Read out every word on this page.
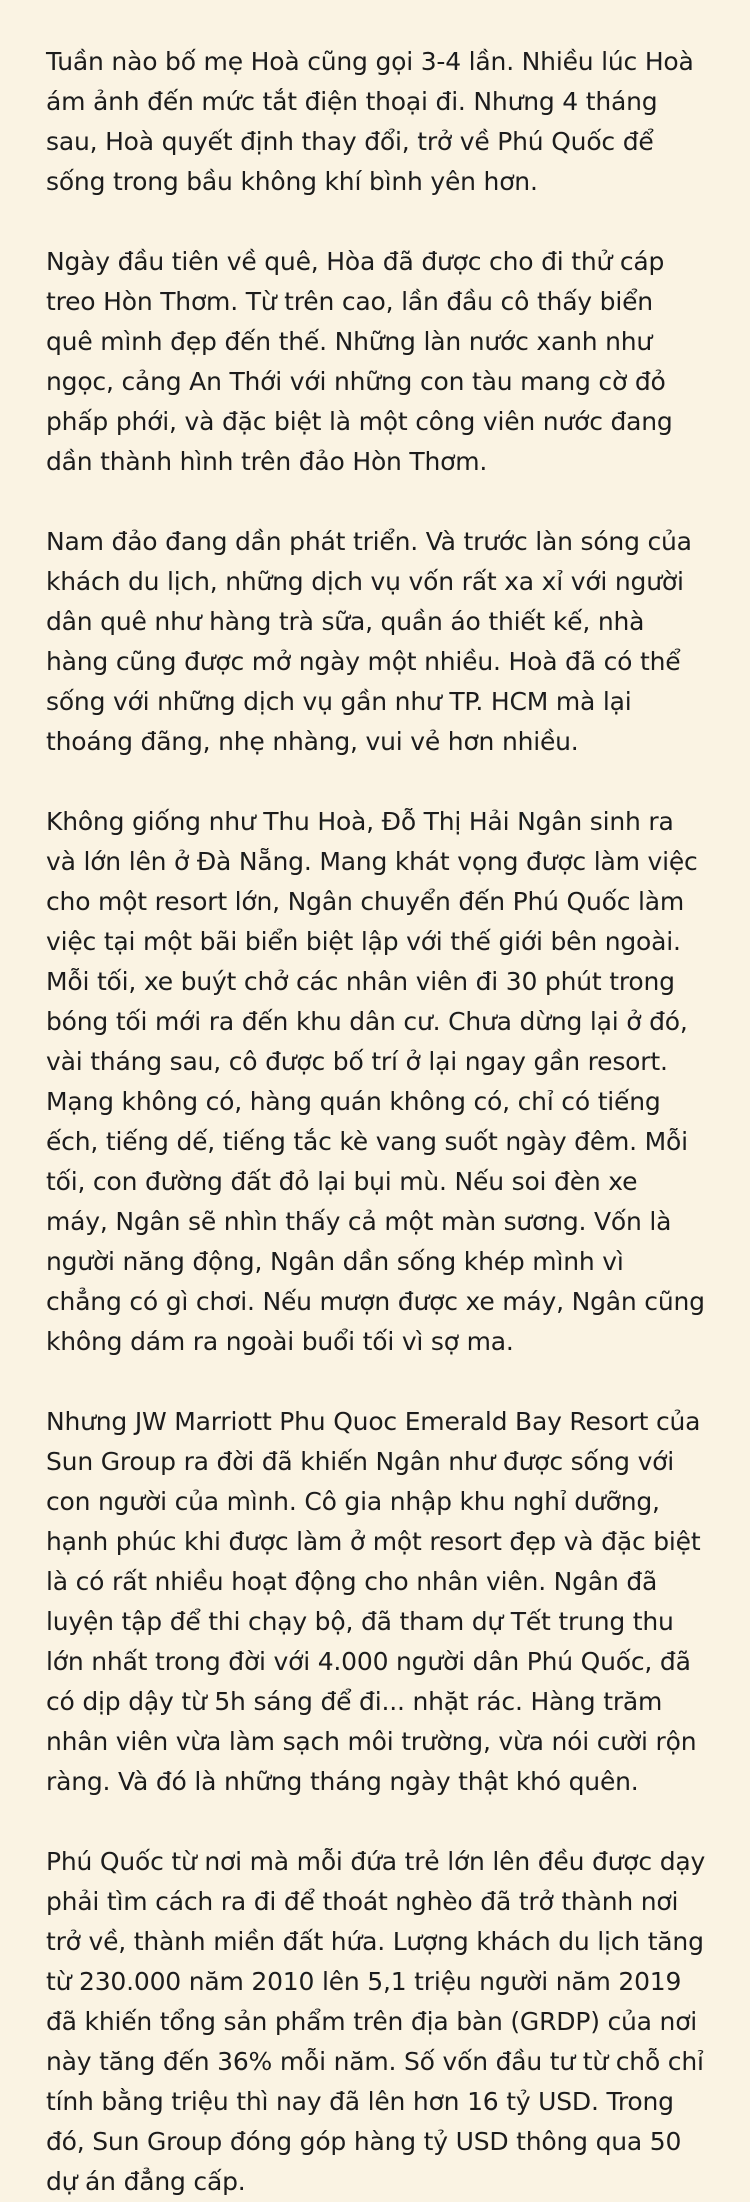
Tuần nào bố mẹ Hoà cũng gọi 3-4 lần. Nhiều lúc Hoà ám ảnh đến mức tắt điện thoại đi. Nhưng 4 tháng sau, Hoà quyết định thay đổi, trở về Phú Quốc để sống trong bầu không khí bình yên hơn.

Ngày đầu tiên về quê, Hòa đã được cho đi thử cáp treo Hòn Thơm. Từ trên cao, lần đầu cô thấy biển quê mình đẹp đến thế. Những làn nước xanh như ngọc, cảng An Thới với những con tàu mang cờ đỏ phấp phới, và đặc biệt là một công viên nước đang dần thành hình trên đảo Hòn Thơm.

Nam đảo đang dần phát triển. Và trước làn sóng của khách du lịch, những dịch vụ vốn rất xa xỉ với người dân quê như hàng trà sữa, quần áo thiết kế, nhà hàng cũng được mở ngày một nhiều. Hoà đã có thể sống với những dịch vụ gần như TP. HCM mà lại thoáng đãng, nhẹ nhàng, vui vẻ hơn nhiều.

Không giống như Thu Hoà, Đỗ Thị Hải Ngân sinh ra và lớn lên ở Đà Nẵng. Mang khát vọng được làm việc cho một resort lớn, Ngân chuyển đến Phú Quốc làm việc tại một bãi biển biệt lập với thế giới bên ngoài. Mỗi tối, xe buýt chở các nhân viên đi 30 phút trong bóng tối mới ra đến khu dân cư. Chưa dừng lại ở đó, vài tháng sau, cô được bố trí ở lại ngay gần resort. Mạng không có, hàng quán không có, chỉ có tiếng ếch, tiếng dế, tiếng tắc kè vang suốt ngày đêm. Mỗi tối, con đường đất đỏ lại bụi mù. Nếu soi đèn xe máy, Ngân sẽ nhìn thấy cả một màn sương. Vốn là người năng động, Ngân dần sống khép mình vì chẳng có gì chơi. Nếu mượn được xe máy, Ngân cũng không dám ra ngoài buổi tối vì sợ ma.

Nhưng JW Marriott Phu Quoc Emerald Bay Resort của Sun Group ra đời đã khiến Ngân như được sống với con người của mình. Cô gia nhập khu nghỉ dưỡng, hạnh phúc khi được làm ở một resort đẹp và đặc biệt là có rất nhiều hoạt động cho nhân viên. Ngân đã luyện tập để thi chạy bộ, đã tham dự Tết trung thu lớn nhất trong đời với 4.000 người dân Phú Quốc, đã có dịp dậy từ 5h sáng để đi... nhặt rác. Hàng trăm nhân viên vừa làm sạch môi trường, vừa nói cười rộn ràng. Và đó là những tháng ngày thật khó quên.

Phú Quốc từ nơi mà mỗi đứa trẻ lớn lên đều được dạy phải tìm cách ra đi để thoát nghèo đã trở thành nơi trở về, thành miền đất hứa. Lượng khách du lịch tăng từ 230.000 năm 2010 lên 5,1 triệu người năm 2019 đã khiến tổng sản phẩm trên địa bàn (GRDP) của nơi này tăng đến 36% mỗi năm. Số vốn đầu tư từ chỗ chỉ tính bằng triệu thì nay đã lên hơn 16 tỷ USD. Trong đó, Sun Group đóng góp hàng tỷ USD thông qua 50 dự án đẳng cấp.
